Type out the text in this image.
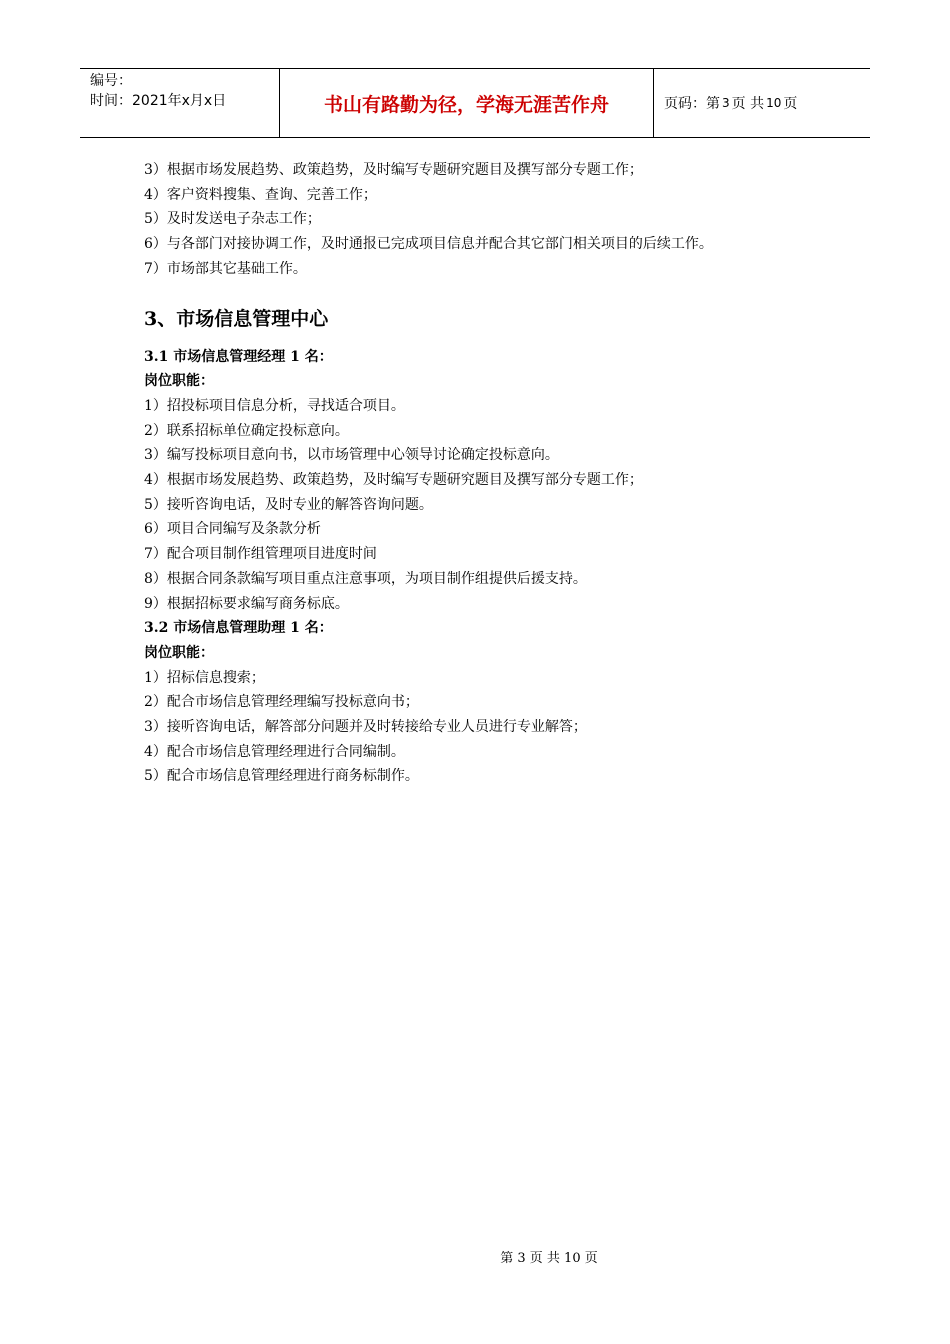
编号：
时间：2021年x月x日	书山有路勤为径，学海无涯苦作舟	页码：第 3 页 共 10 页
3）根据市场发展趋势、政策趋势，及时编写专题研究题目及撰写部分专题工作；
4）客户资料搜集、查询、完善工作；
5）及时发送电子杂志工作；
6）与各部门对接协调工作，及时通报已完成项目信息并配合其它部门相关项目的后续工作。
7）市场部其它基础工作。
3、市场信息管理中心
3.1 市场信息管理经理 1 名：
岗位职能：
1）招投标项目信息分析，寻找适合项目。
2）联系招标单位确定投标意向。
3）编写投标项目意向书，以市场管理中心领导讨论确定投标意向。
4）根据市场发展趋势、政策趋势，及时编写专题研究题目及撰写部分专题工作；
5）接听咨询电话，及时专业的解答咨询问题。
6）项目合同编写及条款分析
7）配合项目制作组管理项目进度时间
8）根据合同条款编写项目重点注意事项，为项目制作组提供后援支持。
9）根据招标要求编写商务标底。
3.2 市场信息管理助理 1 名：
岗位职能：
1）招标信息搜索；
2）配合市场信息管理经理编写投标意向书；
3）接听咨询电话，解答部分问题并及时转接给专业人员进行专业解答；
4）配合市场信息管理经理进行合同编制。
5）配合市场信息管理经理进行商务标制作。
第 3 页 共 10 页
